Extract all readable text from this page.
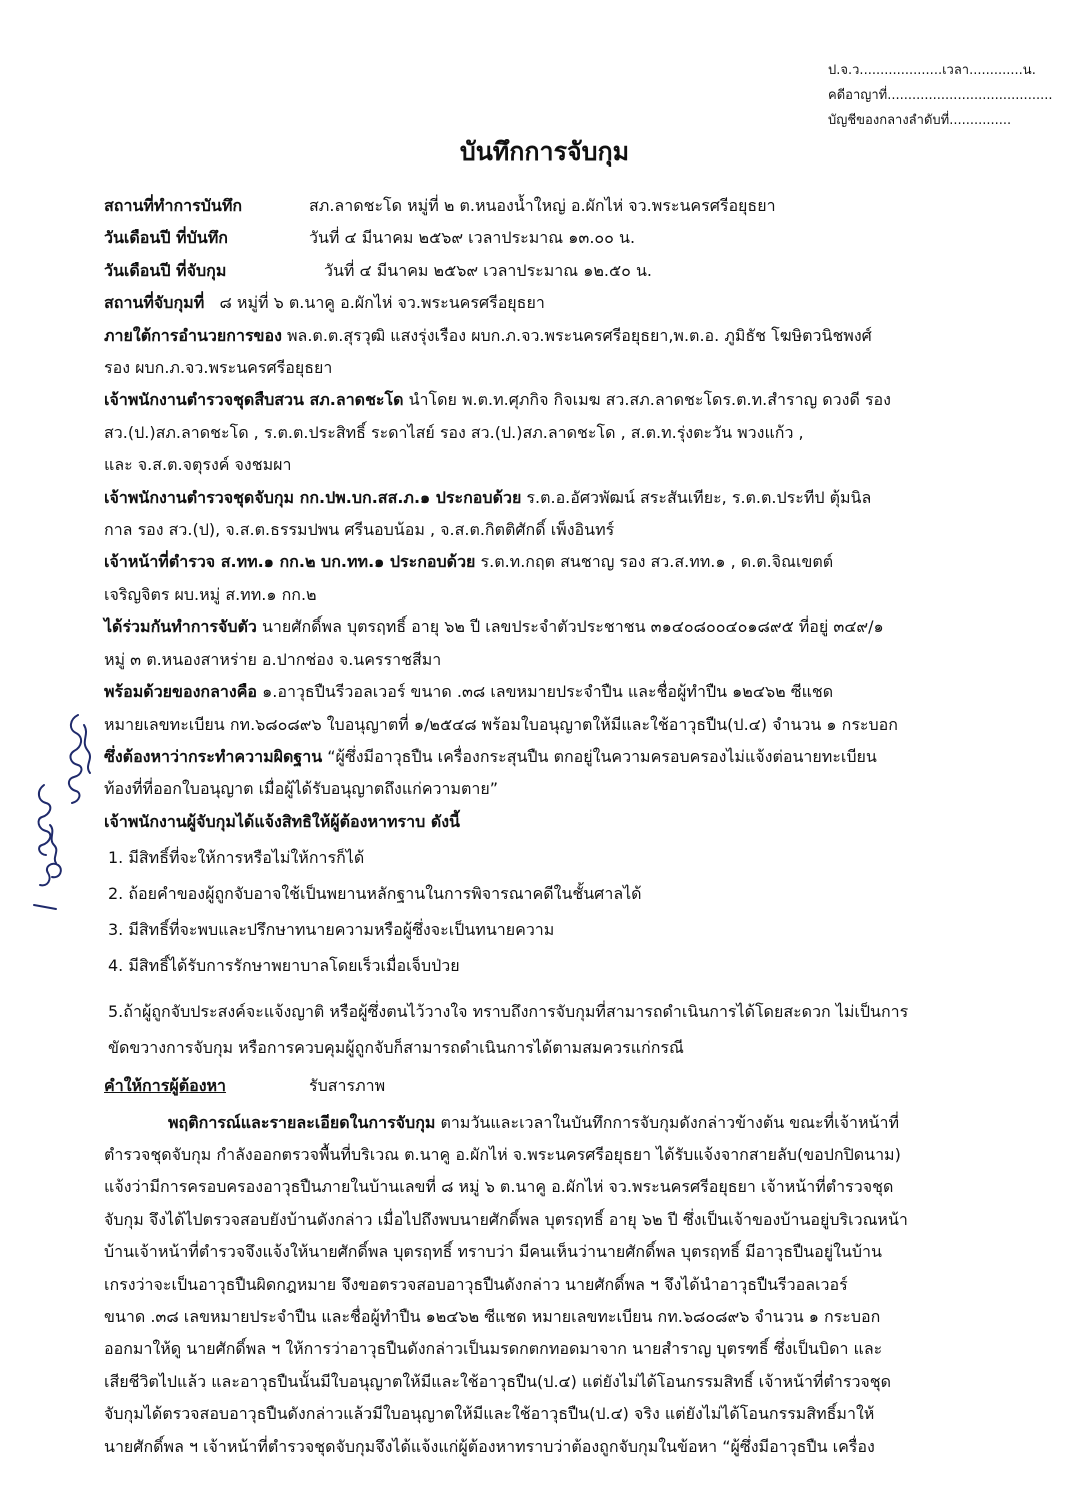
ป.จ.ว....................เวลา.............น.
คดีอาญาที่........................................
บัญชีของกลางลำดับที่...............
บันทึกการจับกุม
สถานที่ทำการบันทึก	สภ.ลาดชะโด หมู่ที่ ๒ ต.หนองน้ำใหญ่ อ.ผักไห่ จว.พระนครศรีอยุธยา
วันเดือนปี ที่บันทึก	วันที่ ๔ มีนาคม ๒๕๖๙ เวลาประมาณ ๑๓.๐๐ น.
วันเดือนปี ที่จับกุม	วันที่ ๔ มีนาคม ๒๕๖๙ เวลาประมาณ ๑๒.๕๐ น.

สถานที่จับกุมที่ ๘ หมู่ที่ ๖ ต.นาคู อ.ผักไห่ จว.พระนครศรีอยุธยา

ภายใต้การอำนวยการของ พล.ต.ต.สุรวุฒิ แสงรุ่งเรือง ผบก.ภ.จว.พระนครศรีอยุธยา,พ.ต.อ. ภูมิธัช โฆษิตวนิชพงศ์
รอง ผบก.ภ.จว.พระนครศรีอยุธยา

เจ้าพนักงานตำรวจชุดสืบสวน สภ.ลาดชะโด นำโดย พ.ต.ท.ศุภกิจ กิจเมฆ สว.สภ.ลาดชะโดร.ต.ท.สำราญ ดวงดี รอง
สว.(ป.)สภ.ลาดชะโด , ร.ต.ต.ประสิทธิ์ ระดาไสย์ รอง สว.(ป.)สภ.ลาดชะโด , ส.ต.ท.รุ่งตะวัน พวงแก้ว ,
และ จ.ส.ต.จตุรงค์ จงชมผา

เจ้าพนักงานตำรวจชุดจับกุม กก.ปพ.บก.สส.ภ.๑ ประกอบด้วย ร.ต.อ.อัศวพัฒน์ สระสันเทียะ, ร.ต.ต.ประทีป ตุ้มนิล
กาล รอง สว.(ป), จ.ส.ต.ธรรมปพน ศรีนอบน้อม , จ.ส.ต.กิตติศักดิ์ เพ็งอินทร์

เจ้าหน้าที่ตำรวจ ส.ทท.๑ กก.๒ บก.ทท.๑ ประกอบด้วย ร.ต.ท.กฤต สนชาญ รอง สว.ส.ทท.๑ , ด.ต.จิณเขตต์
เจริญจิตร ผบ.หมู่ ส.ทท.๑ กก.๒

ได้ร่วมกันทำการจับตัว นายศักดิ์พล บุตรฤทธิ์ อายุ ๖๒ ปี เลขประจำตัวประชาชน ๓๑๔๐๘๐๐๔๐๑๘๙๕ ที่อยู่ ๓๔๙/๑
หมู่ ๓ ต.หนองสาหร่าย อ.ปากช่อง จ.นครราชสีมา

พร้อมด้วยของกลางคือ ๑.อาวุธปืนรีวอลเวอร์ ขนาด .๓๘ เลขหมายประจำปืน และชื่อผู้ทำปืน ๑๒๔๖๒ ซีแชด
หมายเลขทะเบียน กท.๖๘๐๘๙๖ ใบอนุญาตที่ ๑/๒๕๔๘ พร้อมใบอนุญาตให้มีและใช้อาวุธปืน(ป.๔) จำนวน ๑ กระบอก

ซึ่งต้องหาว่ากระทำความผิดฐาน “ผู้ซึ่งมีอาวุธปืน เครื่องกระสุนปืน ตกอยู่ในความครอบครองไม่แจ้งต่อนายทะเบียน
ท้องที่ที่ออกใบอนุญาต เมื่อผู้ได้รับอนุญาตถึงแก่ความตาย”

เจ้าพนักงานผู้จับกุมได้แจ้งสิทธิให้ผู้ต้องหาทราบ ดังนี้

1. มีสิทธิ์ที่จะให้การหรือไม่ให้การก็ได้
2. ถ้อยคำของผู้ถูกจับอาจใช้เป็นพยานหลักฐานในการพิจารณาคดีในชั้นศาลได้
3. มีสิทธิ์ที่จะพบและปรึกษาทนายความหรือผู้ซึ่งจะเป็นทนายความ
4. มีสิทธิ์ได้รับการรักษาพยาบาลโดยเร็วเมื่อเจ็บป่วย
5.ถ้าผู้ถูกจับประสงค์จะแจ้งญาติ หรือผู้ซึ่งตนไว้วางใจ ทราบถึงการจับกุมที่สามารถดำเนินการได้โดยสะดวก ไม่เป็นการ
ขัดขวางการจับกุม หรือการควบคุมผู้ถูกจับก็สามารถดำเนินการได้ตามสมควรแก่กรณี
คำให้การผู้ต้องหา	รับสารภาพ
พฤติการณ์และรายละเอียดในการจับกุม ตามวันและเวลาในบันทึกการจับกุมดังกล่าวข้างต้น ขณะที่เจ้าหน้าที่
ตำรวจชุดจับกุม กำลังออกตรวจพื้นที่บริเวณ ต.นาคู อ.ผักไห่ จ.พระนครศรีอยุธยา ได้รับแจ้งจากสายลับ(ขอปกปิดนาม)
แจ้งว่ามีการครอบครองอาวุธปืนภายในบ้านเลขที่ ๘ หมู่ ๖ ต.นาคู อ.ผักไห่ จว.พระนครศรีอยุธยา เจ้าหน้าที่ตำรวจชุด
จับกุม จึงได้ไปตรวจสอบยังบ้านดังกล่าว เมื่อไปถึงพบนายศักดิ์พล บุตรฤทธิ์ อายุ ๖๒ ปี ซึ่งเป็นเจ้าของบ้านอยู่บริเวณหน้า
บ้านเจ้าหน้าที่ตำรวจจึงแจ้งให้นายศักดิ์พล บุตรฤทธิ์ ทราบว่า มีคนเห็นว่านายศักดิ์พล บุตรฤทธิ์ มีอาวุธปืนอยู่ในบ้าน
เกรงว่าจะเป็นอาวุธปืนผิดกฎหมาย จึงขอตรวจสอบอาวุธปืนดังกล่าว นายศักดิ์พล ฯ จึงได้นำอาวุธปืนรีวอลเวอร์
ขนาด .๓๘ เลขหมายประจำปืน และชื่อผู้ทำปืน ๑๒๔๖๒ ซีแชด หมายเลขทะเบียน กท.๖๘๐๘๙๖ จำนวน ๑ กระบอก
ออกมาให้ดู นายศักดิ์พล ฯ ให้การว่าอาวุธปืนดังกล่าวเป็นมรดกตกทอดมาจาก นายสำราญ บุตรฑธิ์ ซึ่งเป็นบิดา และ
เสียชีวิตไปแล้ว และอาวุธปืนนั้นมีใบอนุญาตให้มีและใช้อาวุธปืน(ป.๔) แต่ยังไม่ได้โอนกรรมสิทธิ์ เจ้าหน้าที่ตำรวจชุด
จับกุมได้ตรวจสอบอาวุธปืนดังกล่าวแล้วมีใบอนุญาตให้มีและใช้อาวุธปืน(ป.๔) จริง แต่ยังไม่ได้โอนกรรมสิทธิ์มาให้
นายศักดิ์พล ฯ เจ้าหน้าที่ตำรวจชุดจับกุมจึงได้แจ้งแก่ผู้ต้องหาทราบว่าต้องถูกจับกุมในข้อหา “ผู้ซึ่งมีอาวุธปืน เครื่อง
